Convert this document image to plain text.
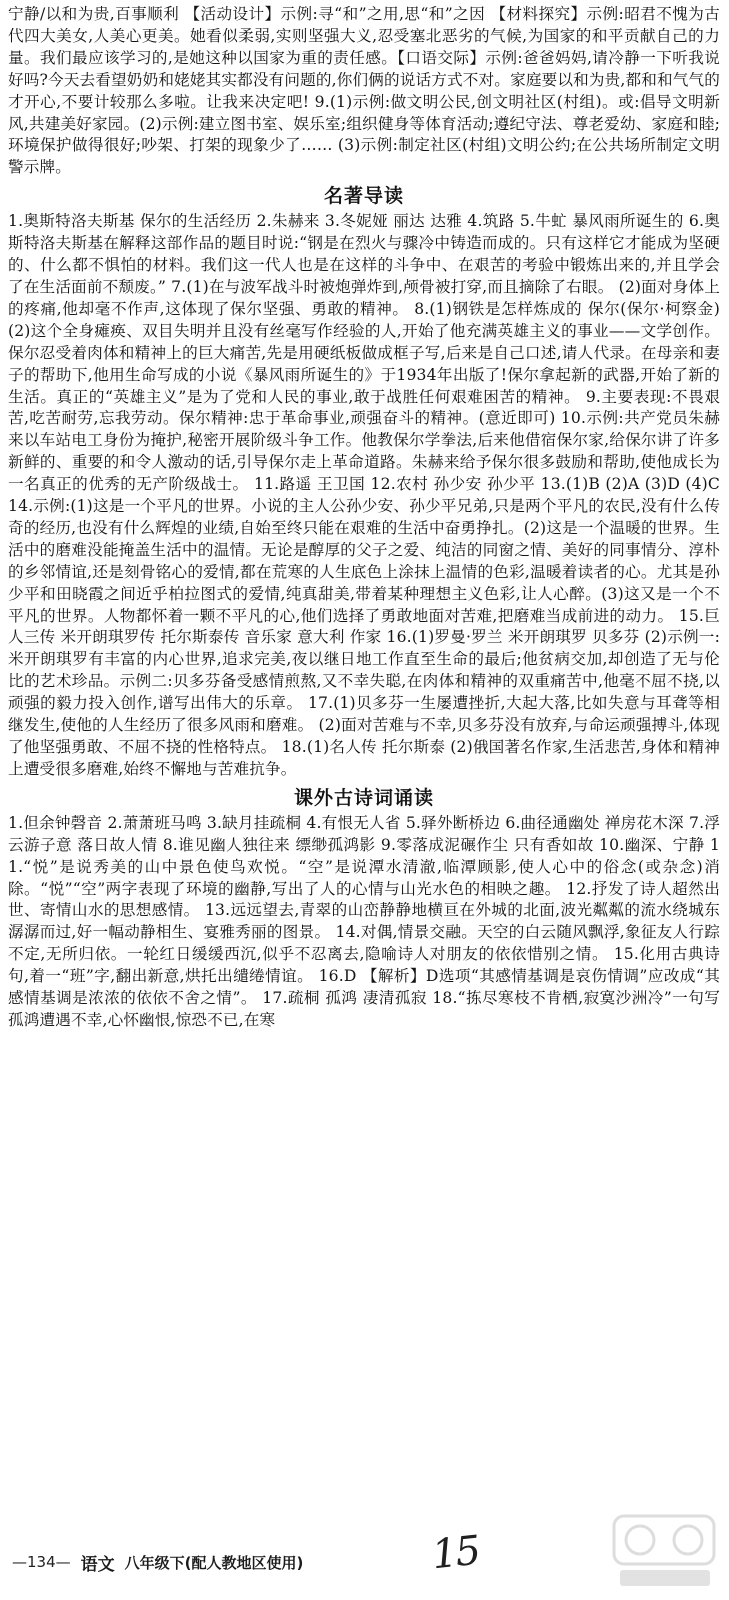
宁静/以和为贵,百事顺利 【活动设计】示例:寻“和”之用,思“和”之因 【材料探究】示例:昭君不愧为古代四大美女,人美心更美。她看似柔弱,实则坚强大义,忍受塞北恶劣的气候,为国家的和平贡献自己的力量。我们最应该学习的,是她这种以国家为重的责任感。【口语交际】示例:爸爸妈妈,请冷静一下听我说好吗?今天去看望奶奶和姥姥其实都没有问题的,你们俩的说话方式不对。家庭要以和为贵,都和和气气的才开心,不要计较那么多啦。让我来决定吧! 9.(1)示例:做文明公民,创文明社区(村组)。或:倡导文明新风,共建美好家园。(2)示例:建立图书室、娱乐室;组织健身等体育活动;遵纪守法、尊老爱幼、家庭和睦;环境保护做得很好;吵架、打架的现象少了…… (3)示例:制定社区(村组)文明公约;在公共场所制定文明警示牌。

名著导读

1.奥斯特洛夫斯基 保尔的生活经历 2.朱赫来 3.冬妮娅 丽达 达雅 4.筑路 5.牛虻 暴风雨所诞生的 6.奥斯特洛夫斯基在解释这部作品的题目时说:“钢是在烈火与骤冷中铸造而成的。只有这样它才能成为坚硬的、什么都不惧怕的材料。我们这一代人也是在这样的斗争中、在艰苦的考验中锻炼出来的,并且学会了在生活面前不颓废。” 7.(1)在与波军战斗时被炮弹炸到,颅骨被打穿,而且摘除了右眼。 (2)面对身体上的疼痛,他却毫不作声,这体现了保尔坚强、勇敢的精神。 8.(1)钢铁是怎样炼成的 保尔(保尔·柯察金) (2)这个全身瘫痪、双目失明并且没有丝毫写作经验的人,开始了他充满英雄主义的事业——文学创作。保尔忍受着肉体和精神上的巨大痛苦,先是用硬纸板做成框子写,后来是自己口述,请人代录。在母亲和妻子的帮助下,他用生命写成的小说《暴风雨所诞生的》于1934年出版了!保尔拿起新的武器,开始了新的生活。真正的“英雄主义”是为了党和人民的事业,敢于战胜任何艰难困苦的精神。 9.主要表现:不畏艰苦,吃苦耐劳,忘我劳动。保尔精神:忠于革命事业,顽强奋斗的精神。(意近即可) 10.示例:共产党员朱赫来以车站电工身份为掩护,秘密开展阶级斗争工作。他教保尔学拳法,后来他借宿保尔家,给保尔讲了许多新鲜的、重要的和令人激动的话,引导保尔走上革命道路。朱赫来给予保尔很多鼓励和帮助,使他成长为一名真正的优秀的无产阶级战士。 11.路遥 王卫国 12.农村 孙少安 孙少平 13.(1)B (2)A (3)D (4)C 14.示例:(1)这是一个平凡的世界。小说的主人公孙少安、孙少平兄弟,只是两个平凡的农民,没有什么传奇的经历,也没有什么辉煌的业绩,自始至终只能在艰难的生活中奋勇挣扎。(2)这是一个温暖的世界。生活中的磨难没能掩盖生活中的温情。无论是醇厚的父子之爱、纯洁的同窗之情、美好的同事情分、淳朴的乡邻情谊,还是刻骨铭心的爱情,都在荒寒的人生底色上涂抹上温情的色彩,温暖着读者的心。尤其是孙少平和田晓霞之间近乎柏拉图式的爱情,纯真甜美,带着某种理想主义色彩,让人心醉。(3)这又是一个不平凡的世界。人物都怀着一颗不平凡的心,他们选择了勇敢地面对苦难,把磨难当成前进的动力。 15.巨人三传 米开朗琪罗传 托尔斯泰传 音乐家 意大利 作家 16.(1)罗曼·罗兰 米开朗琪罗 贝多芬 (2)示例一:米开朗琪罗有丰富的内心世界,追求完美,夜以继日地工作直至生命的最后;他贫病交加,却创造了无与伦比的艺术珍品。示例二:贝多芬备受感情煎熬,又不幸失聪,在肉体和精神的双重痛苦中,他毫不屈不挠,以顽强的毅力投入创作,谱写出伟大的乐章。 17.(1)贝多芬一生屡遭挫折,大起大落,比如失意与耳聋等相继发生,使他的人生经历了很多风雨和磨难。 (2)面对苦难与不幸,贝多芬没有放弃,与命运顽强搏斗,体现了他坚强勇敢、不屈不挠的性格特点。 18.(1)名人传 托尔斯泰 (2)俄国著名作家,生活悲苦,身体和精神上遭受很多磨难,始终不懈地与苦难抗争。

课外古诗词诵读

1.但余钟磬音 2.萧萧班马鸣 3.缺月挂疏桐 4.有恨无人省 5.驿外断桥边 6.曲径通幽处 禅房花木深 7.浮云游子意 落日故人情 8.谁见幽人独往来 缥缈孤鸿影 9.零落成泥碾作尘 只有香如故 10.幽深、宁静 11.“悦”是说秀美的山中景色使鸟欢悦。“空”是说潭水清澈,临潭顾影,使人心中的俗念(或杂念)消除。“悦”“空”两字表现了环境的幽静,写出了人的心情与山光水色的相映之趣。 12.抒发了诗人超然出世、寄情山水的思想感情。 13.远远望去,青翠的山峦静静地横亘在外城的北面,波光粼粼的流水绕城东潺潺而过,好一幅动静相生、宴雅秀丽的图景。 14.对偶,情景交融。天空的白云随风飘浮,象征友人行踪不定,无所归依。一轮红日缓缓西沉,似乎不忍离去,隐喻诗人对朋友的依依惜别之情。 15.化用古典诗句,着一“班”字,翻出新意,烘托出缱绻情谊。 16.D 【解析】D选项“其感情基调是哀伤情调”应改成“其感情基调是浓浓的依依不舍之情”。 17.疏桐 孤鸿 凄清孤寂 18.“拣尽寒枝不肯栖,寂寞沙洲冷”一句写孤鸿遭遇不幸,心怀幽恨,惊恐不已,在寒

—134— 语文 八年级下(配人教地区使用)	15
